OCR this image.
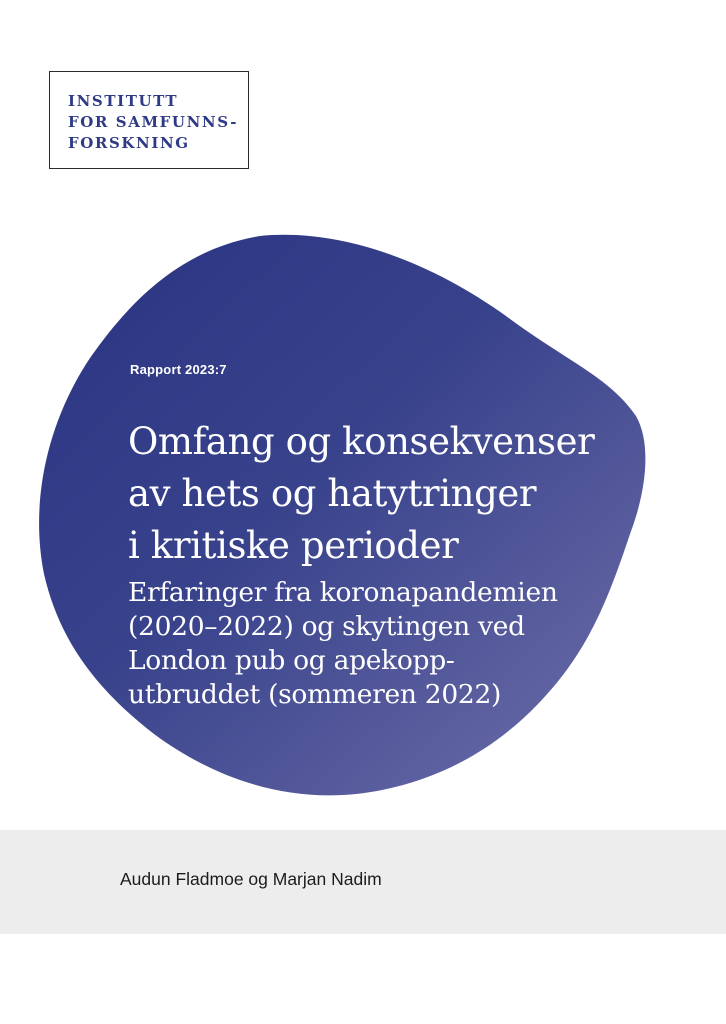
INSTITUTT
FOR SAMFUNNS-
FORSKNING
Rapport 2023:7
Omfang og konsekvenser
av hets og hatytringer
i kritiske perioder
Erfaringer fra koronapandemien
(2020–2022) og skytingen ved
London pub og apekopp-
utbruddet (sommeren 2022)
Audun Fladmoe og Marjan Nadim
